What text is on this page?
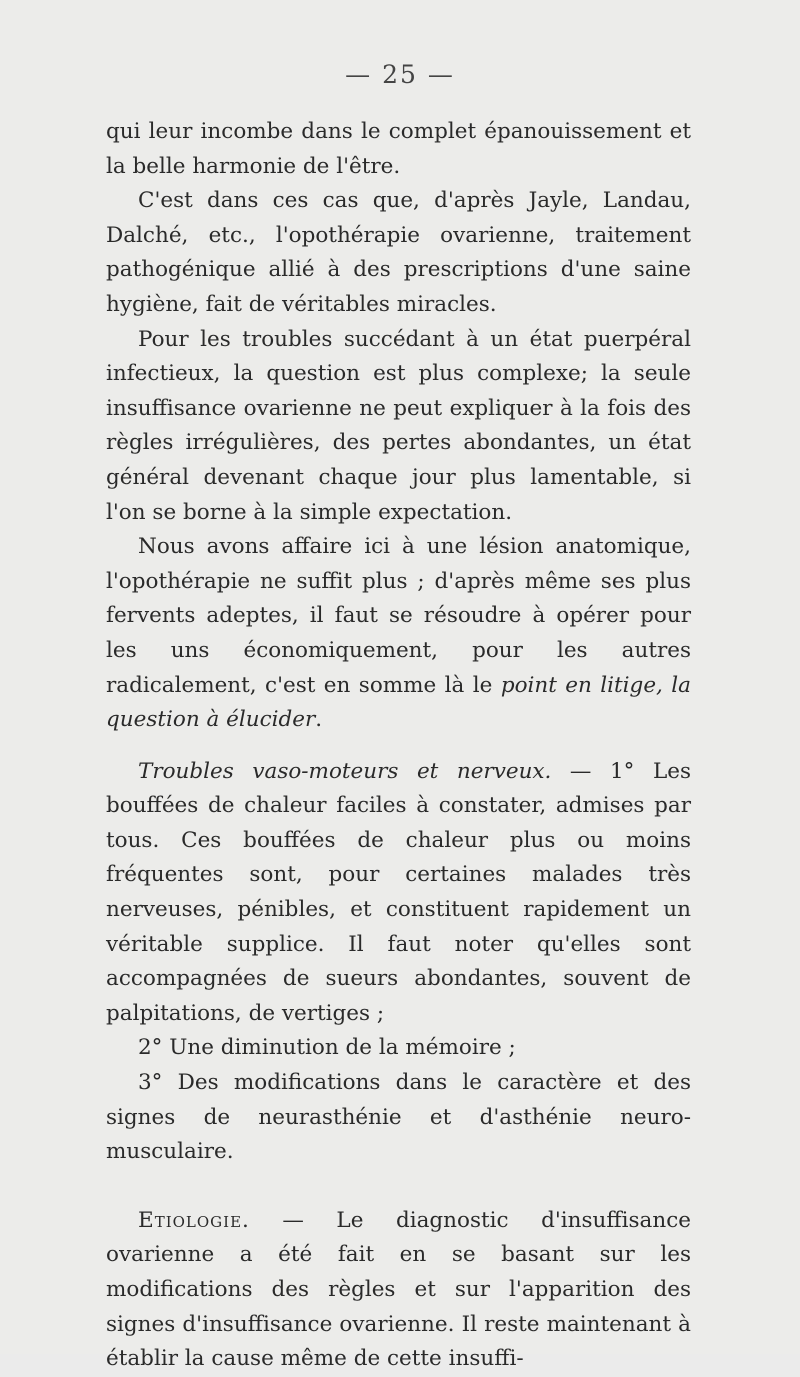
— 25 —

qui leur incombe dans le complet épanouissement et la belle harmonie de l'être.

C'est dans ces cas que, d'après Jayle, Landau, Dalché, etc., l'opothérapie ovarienne, traitement pathogénique allié à des prescriptions d'une saine hygiène, fait de véritables miracles.

Pour les troubles succédant à un état puerpéral infectieux, la question est plus complexe; la seule insuffisance ovarienne ne peut expliquer à la fois des règles irrégulières, des pertes abondantes, un état général devenant chaque jour plus lamentable, si l'on se borne à la simple expectation.

Nous avons affaire ici à une lésion anatomique, l'opothérapie ne suffit plus ; d'après même ses plus fervents adeptes, il faut se résoudre à opérer pour les uns économiquement, pour les autres radicalement, c'est en somme là le point en litige, la question à élucider.

Troubles vaso-moteurs et nerveux. — 1° Les bouffées de chaleur faciles à constater, admises par tous. Ces bouffées de chaleur plus ou moins fréquentes sont, pour certaines malades très nerveuses, pénibles, et constituent rapidement un véritable supplice. Il faut noter qu'elles sont accompagnées de sueurs abondantes, souvent de palpitations, de vertiges ;

2° Une diminution de la mémoire ;

3° Des modifications dans le caractère et des signes de neurasthénie et d'asthénie neuro-musculaire.

Etiologie. — Le diagnostic d'insuffisance ovarienne a été fait en se basant sur les modifications des règles et sur l'apparition des signes d'insuffisance ovarienne. Il reste maintenant à établir la cause même de cette insuffi-
